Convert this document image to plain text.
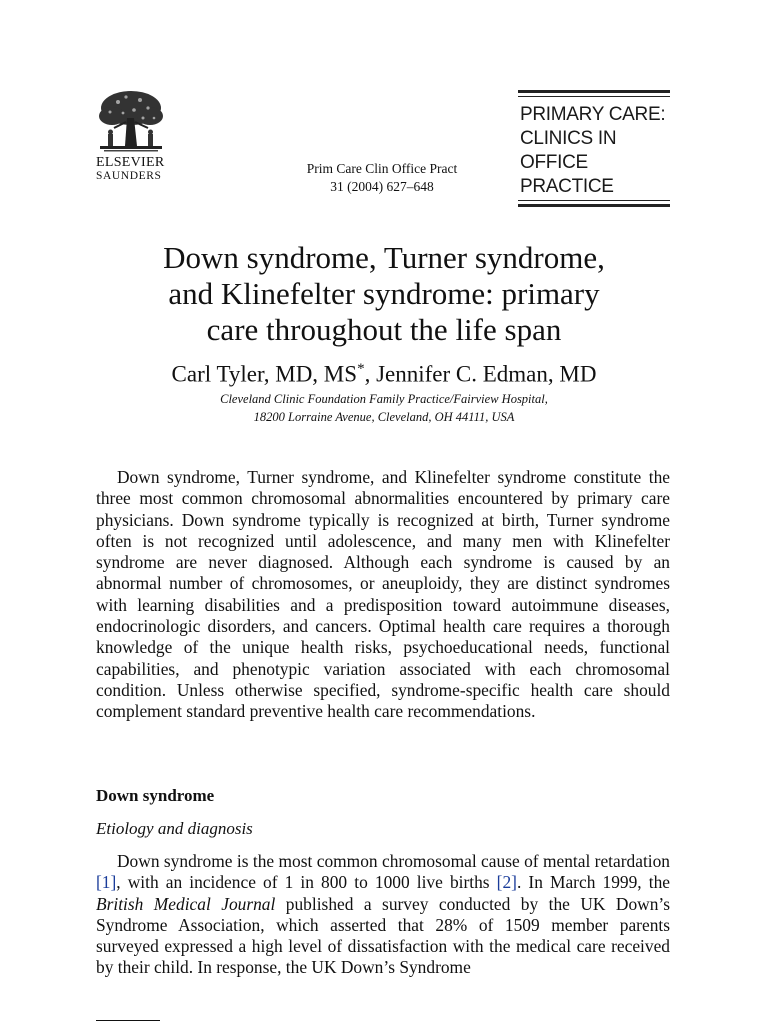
ELSEVIER
SAUNDERS	Prim Care Clin Office Pract
31 (2004) 627–648
PRIMARY CARE:
CLINICS IN
OFFICE PRACTICE
Down syndrome, Turner syndrome,
and Klinefelter syndrome: primary
care throughout the life span
Carl Tyler, MD, MS*, Jennifer C. Edman, MD
Cleveland Clinic Foundation Family Practice/Fairview Hospital,
18200 Lorraine Avenue, Cleveland, OH 44111, USA

Down syndrome, Turner syndrome, and Klinefelter syndrome constitute the three most common chromosomal abnormalities encountered by primary care physicians. Down syndrome typically is recognized at birth, Turner syndrome often is not recognized until adolescence, and many men with Klinefelter syndrome are never diagnosed. Although each syndrome is caused by an abnormal number of chromosomes, or aneuploidy, they are distinct syndromes with learning disabilities and a predisposition toward autoimmune diseases, endocrinologic disorders, and cancers. Optimal health care requires a thorough knowledge of the unique health risks, psychoeducational needs, functional capabilities, and phenotypic variation associated with each chromosomal condition. Unless otherwise specified, syndrome-specific health care should complement standard preventive health care recommendations.

Down syndrome
Etiology and diagnosis

Down syndrome is the most common chromosomal cause of mental retardation [1], with an incidence of 1 in 800 to 1000 live births [2]. In March 1999, the British Medical Journal published a survey conducted by the UK Down’s Syndrome Association, which asserted that 28% of 1509 member parents surveyed expressed a high level of dissatisfaction with the medical care received by their child. In response, the UK Down’s Syndrome
